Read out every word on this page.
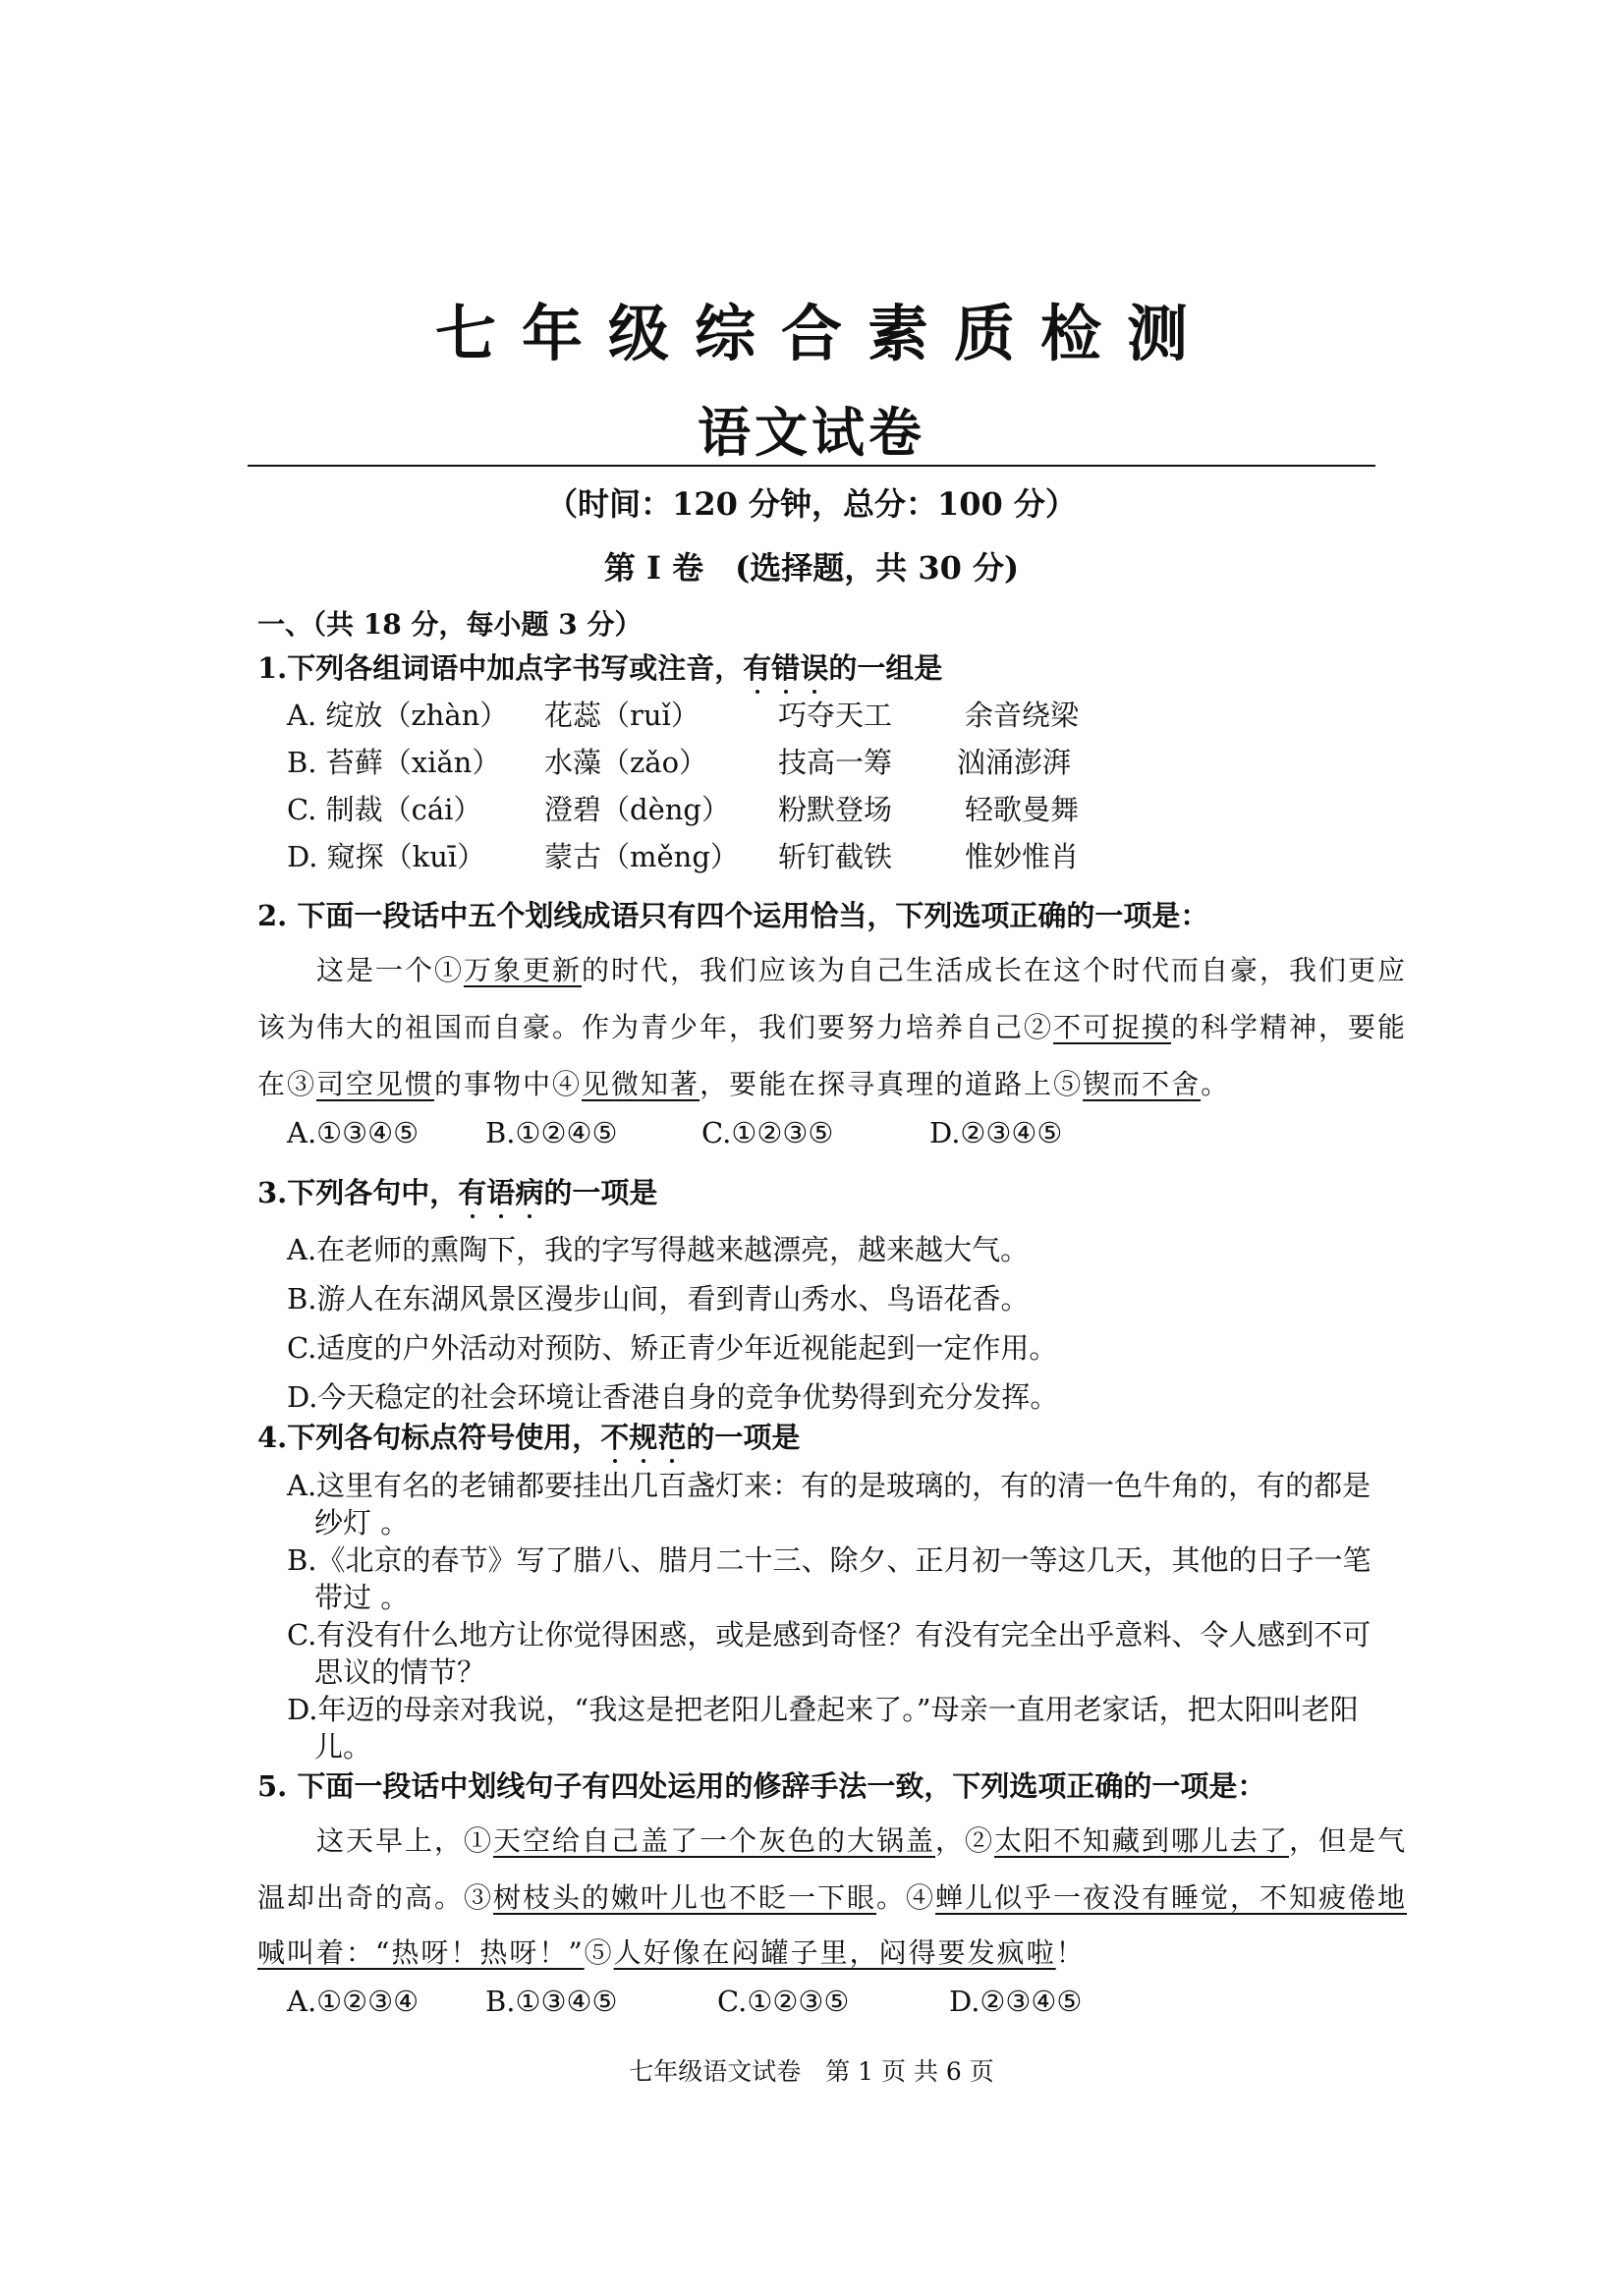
七年级综合素质检测
语文试卷
（时间：120 分钟，总分：100 分）
第 I 卷　(选择题，共 30 分)
一、（共 18 分，每小题 3 分）
1.下列各组词语中加点字书写或注音，有错误的一组是
A. 绽放（zhàn）	花蕊（ruǐ）	巧夺天工	余音绕梁
B. 苔藓（xiǎn）	水藻（zǎo）	技高一筹	汹涌澎湃
C. 制裁（cái）	澄碧（dèng）	粉默登场	轻歌曼舞
D. 窥探（kuī）	蒙古（měng）	斩钉截铁	惟妙惟肖
2. 下面一段话中五个划线成语只有四个运用恰当，下列选项正确的一项是：
这是一个①万象更新的时代，我们应该为自己生活成长在这个时代而自豪，我们更应
该为伟大的祖国而自豪。作为青少年，我们要努力培养自己②不可捉摸的科学精神，要能
在③司空见惯的事物中④见微知著，要能在探寻真理的道路上⑤锲而不舍。
A.①③④⑤	B.①②④⑤	C.①②③⑤	D.②③④⑤
3.下列各句中，有语病的一项是
A.在老师的熏陶下，我的字写得越来越漂亮，越来越大气。
B.游人在东湖风景区漫步山间，看到青山秀水、鸟语花香。
C.适度的户外活动对预防、矫正青少年近视能起到一定作用。
D.今天稳定的社会环境让香港自身的竞争优势得到充分发挥。
4.下列各句标点符号使用，不规范的一项是
A.这里有名的老铺都要挂出几百盏灯来：有的是玻璃的，有的清一色牛角的，有的都是
纱灯 。
B.《北京的春节》写了腊八、腊月二十三、除夕、正月初一等这几天，其他的日子一笔
带过 。
C.有没有什么地方让你觉得困惑，或是感到奇怪？有没有完全出乎意料、令人感到不可
思议的情节？
D.年迈的母亲对我说，“我这是把老阳儿叠起来了。”母亲一直用老家话，把太阳叫老阳
儿。
5. 下面一段话中划线句子有四处运用的修辞手法一致，下列选项正确的一项是：
这天早上，①天空给自己盖了一个灰色的大锅盖，②太阳不知藏到哪儿去了，但是气
温却出奇的高。③树枝头的嫩叶儿也不眨一下眼。④蝉儿似乎一夜没有睡觉，不知疲倦地
喊叫着：“热呀！热呀！”⑤人好像在闷罐子里，闷得要发疯啦！
A.①②③④	B.①③④⑤	C.①②③⑤	D.②③④⑤
七年级语文试卷　第 1 页 共 6 页
